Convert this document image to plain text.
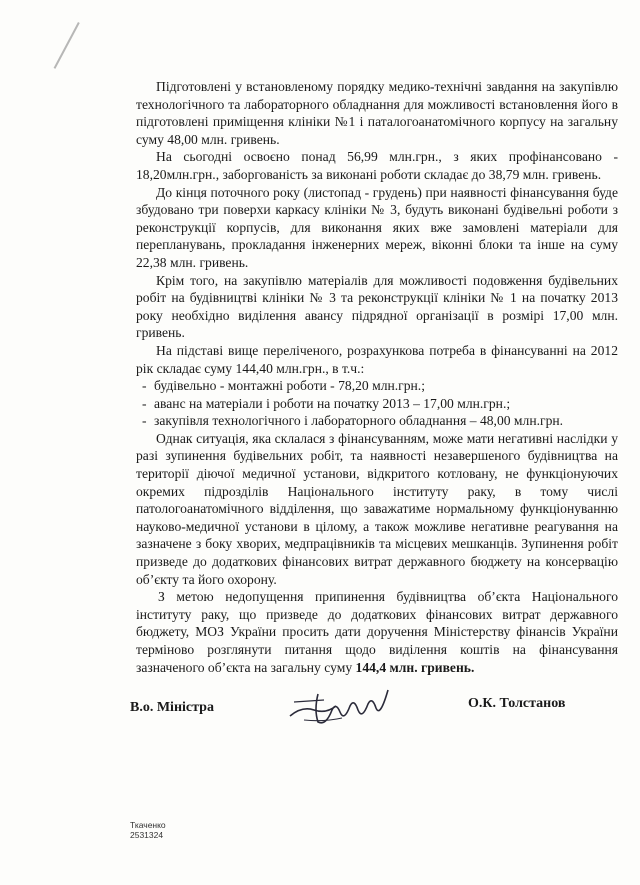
Підготовлені у встановленому порядку медико-технічні завдання на закупівлю технологічного та лабораторного обладнання для можливості встановлення його в підготовлені приміщення клініки №1 і паталогоанатомічного корпусу на загальну суму 48,00 млн. гривень.

На сьогодні освоєно понад 56,99 млн.грн., з яких профінансовано - 18,20млн.грн., заборгованість за виконані роботи складає до 38,79 млн. гривень.

До кінця поточного року (листопад - грудень) при наявності фінансування буде збудовано три поверхи каркасу клініки № 3, будуть виконані будівельні роботи з реконструкції корпусів, для виконання яких вже замовлені матеріали для перепланувань, прокладання інженерних мереж, віконні блоки та інше на суму 22,38 млн. гривень.

Крім того, на закупівлю матеріалів для можливості подовження будівельних робіт на будівництві клініки № 3 та реконструкції клініки № 1 на початку 2013 року необхідно виділення авансу підрядної організації в розмірі 17,00 млн. гривень.

На підставі вище переліченого, розрахункова потреба в фінансуванні на 2012 рік складає суму 144,40 млн.грн., в т.ч.:

- будівельно - монтажні роботи - 78,20 млн.грн.;
- аванс на матеріали і роботи на початку 2013 – 17,00 млн.грн.;
- закупівля технологічного і лабораторного обладнання – 48,00 млн.грн.

Однак ситуація, яка склалася з фінансуванням, може мати негативні наслідки у разі зупинення будівельних робіт, та наявності незавершеного будівництва на території діючої медичної установи, відкритого котловану, не функціонуючих окремих підрозділів Національного інституту раку, в тому числі патологоанатомічного відділення, що заважатиме нормальному функціонуванню науково-медичної установи в цілому, а також можливе негативне реагування на зазначене з боку хворих, медпрацівників та місцевих мешканців. Зупинення робіт призведе до додаткових фінансових витрат державного бюджету на консервацію об’єкту та його охорону.

З метою недопущення припинення будівництва об’єкта Національного інституту раку, що призведе до додаткових фінансових витрат державного бюджету, МОЗ України просить дати доручення Міністерству фінансів України терміново розглянути питання щодо виділення коштів на фінансування зазначеного об’єкта на загальну суму 144,4 млн. гривень.

В.о. Міністра	О.К. Толстанов
Ткаченко
2531324
